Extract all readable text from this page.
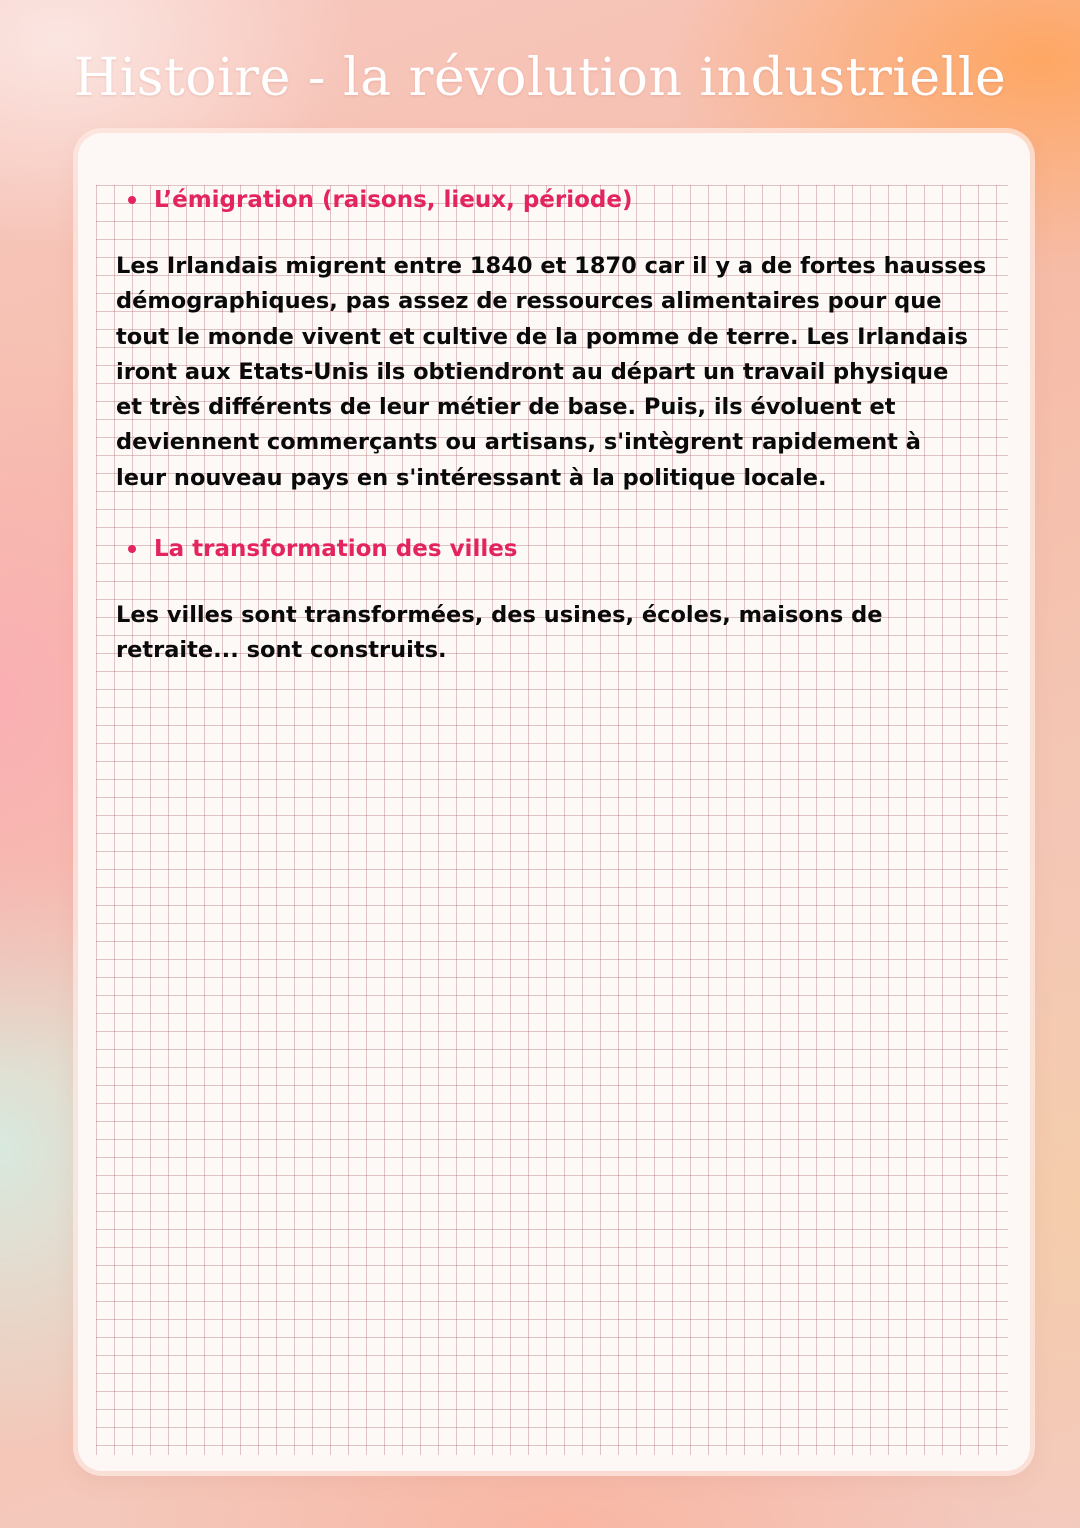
Histoire - la révolution industrielle
L’émigration (raisons, lieux, période)
Les Irlandais migrent entre 1840 et 1870 car il y a de fortes hausses
démographiques, pas assez de ressources alimentaires pour que
tout le monde vivent et cultive de la pomme de terre. Les Irlandais
iront aux Etats-Unis ils obtiendront au départ un travail physique
et très différents de leur métier de base. Puis, ils évoluent et
deviennent commerçants ou artisans, s'intègrent rapidement à
leur nouveau pays en s'intéressant à la politique locale.
La transformation des villes
Les villes sont transformées, des usines, écoles, maisons de
retraite... sont construits.
